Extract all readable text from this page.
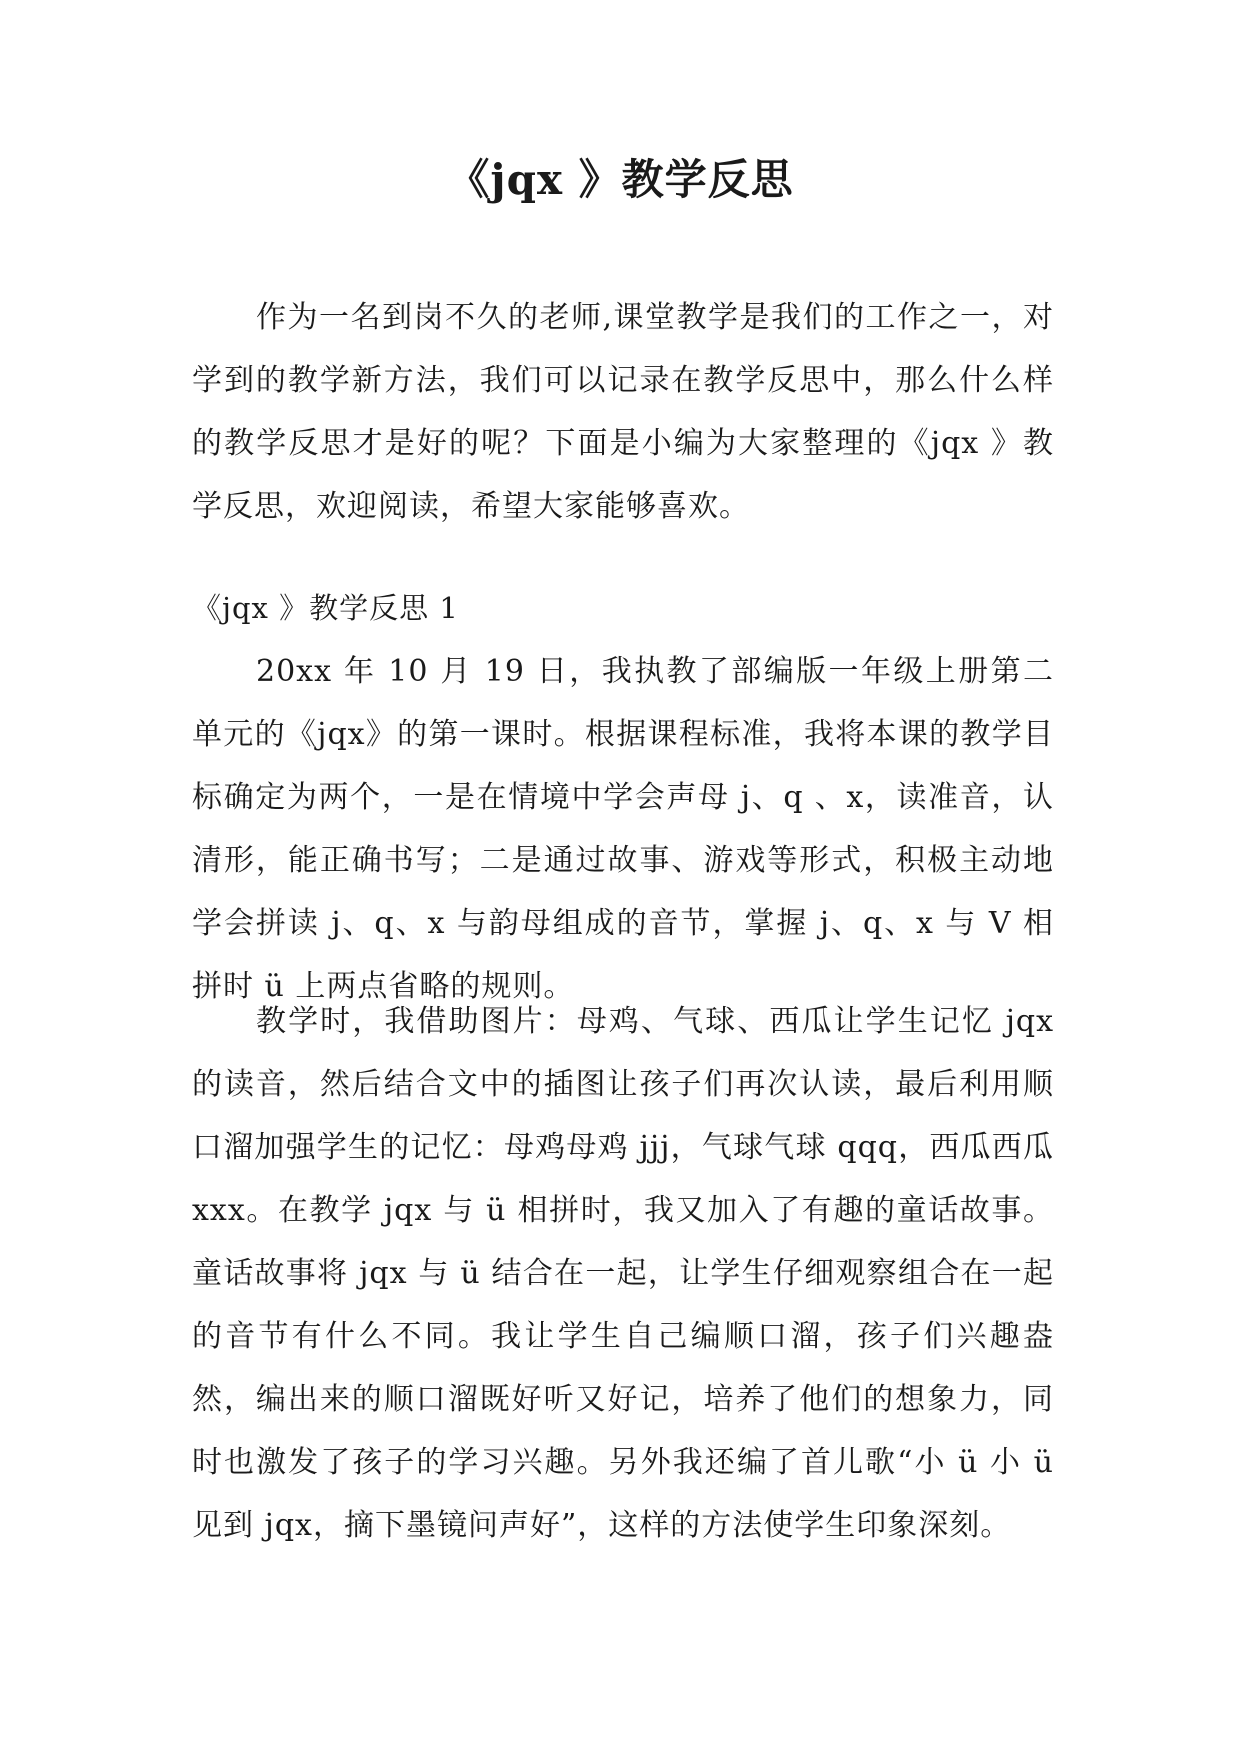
《jqx 》教学反思

作为一名到岗不久的老师,课堂教学是我们的工作之一，对学到的教学新方法，我们可以记录在教学反思中，那么什么样的教学反思才是好的呢？下面是小编为大家整理的《jqx 》教学反思，欢迎阅读，希望大家能够喜欢。

《jqx 》教学反思 1

20xx 年 10 月 19 日，我执教了部编版一年级上册第二单元的《jqx》的第一课时。根据课程标准，我将本课的教学目标确定为两个，一是在情境中学会声母 j、q 、x，读准音，认清形，能正确书写；二是通过故事、游戏等形式，积极主动地学会拼读 j、q、x 与韵母组成的音节，掌握 j、q、x 与 V 相拼时 ü 上两点省略的规则。

教学时，我借助图片：母鸡、气球、西瓜让学生记忆 jqx 的读音，然后结合文中的插图让孩子们再次认读，最后利用顺口溜加强学生的记忆：母鸡母鸡 jjj，气球气球 qqq，西瓜西瓜 xxx。在教学 jqx 与 ü 相拼时，我又加入了有趣的童话故事。童话故事将 jqx 与 ü 结合在一起，让学生仔细观察组合在一起的音节有什么不同。我让学生自己编顺口溜，孩子们兴趣盎然，编出来的顺口溜既好听又好记，培养了他们的想象力，同时也激发了孩子的学习兴趣。另外我还编了首儿歌“小 ü 小 ü 见到 jqx，摘下墨镜问声好”，这样的方法使学生印象深刻。
